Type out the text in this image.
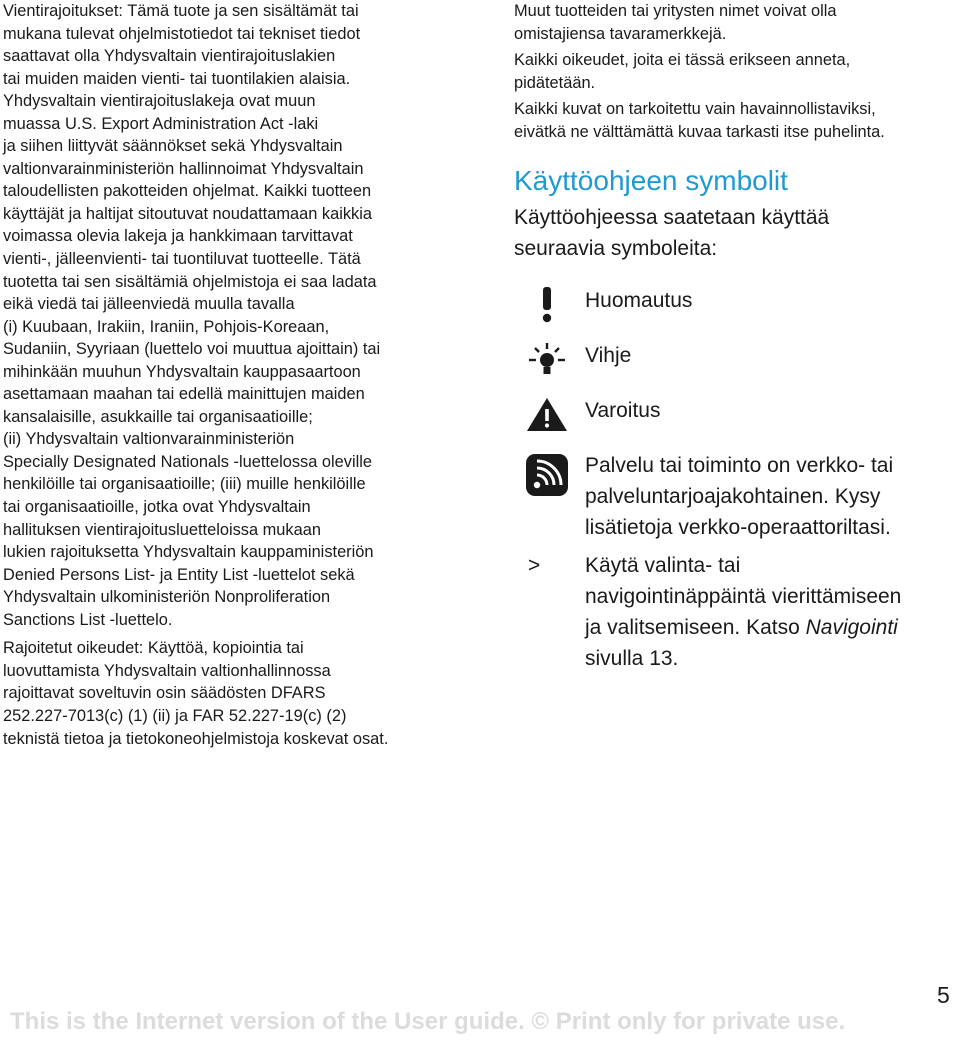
Vientirajoitukset: Tämä tuote ja sen sisältämät tai
mukana tulevat ohjelmistotiedot tai tekniset tiedot
saattavat olla Yhdysvaltain vientirajoituslakien
tai muiden maiden vienti- tai tuontilakien alaisia.
Yhdysvaltain vientirajoituslakeja ovat muun
muassa U.S. Export Administration Act -laki
ja siihen liittyvät säännökset sekä Yhdysvaltain
valtionvarainministeriön hallinnoimat Yhdysvaltain
taloudellisten pakotteiden ohjelmat. Kaikki tuotteen
käyttäjät ja haltijat sitoutuvat noudattamaan kaikkia
voimassa olevia lakeja ja hankkimaan tarvittavat
vienti-, jälleenvienti- tai tuontiluvat tuotteelle. Tätä
tuotetta tai sen sisältämiä ohjelmistoja ei saa ladata
eikä viedä tai jälleenviedä muulla tavalla
(i) Kuubaan, Irakiin, Iraniin, Pohjois-Koreaan,
Sudaniin, Syyriaan (luettelo voi muuttua ajoittain) tai
mihinkään muuhun Yhdysvaltain kauppasaartoon
asettamaan maahan tai edellä mainittujen maiden
kansalaisille, asukkaille tai organisaatioille;
(ii) Yhdysvaltain valtionvarainministeriön
Specially Designated Nationals -luettelossa oleville
henkilöille tai organisaatioille; (iii) muille henkilöille
tai organisaatioille, jotka ovat Yhdysvaltain
hallituksen vientirajoitusluetteloissa mukaan
lukien rajoituksetta Yhdysvaltain kauppaministeriön
Denied Persons List- ja Entity List -luettelot sekä
Yhdysvaltain ulkoministeriön Nonproliferation
Sanctions List -luettelo.

Rajoitetut oikeudet: Käyttöä, kopiointia tai
luovuttamista Yhdysvaltain valtionhallinnossa
rajoittavat soveltuvin osin säädösten DFARS
252.227-7013(c) (1) (ii) ja FAR 52.227-19(c) (2)
teknistä tietoa ja tietokoneohjelmistoja koskevat osat.

Muut tuotteiden tai yritysten nimet voivat olla
omistajiensa tavaramerkkejä.

Kaikki oikeudet, joita ei tässä erikseen anneta,
pidätetään.

Kaikki kuvat on tarkoitettu vain havainnollistaviksi,
eivätkä ne välttämättä kuvaa tarkasti itse puhelinta.

Käyttöohjeen symbolit

Käyttöohjeessa saatetaan käyttää
seuraavia symboleita:

Huomautus

Vihje

Varoitus

Palvelu tai toiminto on verkko- tai
palveluntarjoajakohtainen. Kysy
lisätietoja verkko-operaattoriltasi.

> Käytä valinta- tai
navigointinäppäintä vierittämiseen
ja valitsemiseen. Katso Navigointi
sivulla 13.

5

This is the Internet version of the User guide. © Print only for private use.
